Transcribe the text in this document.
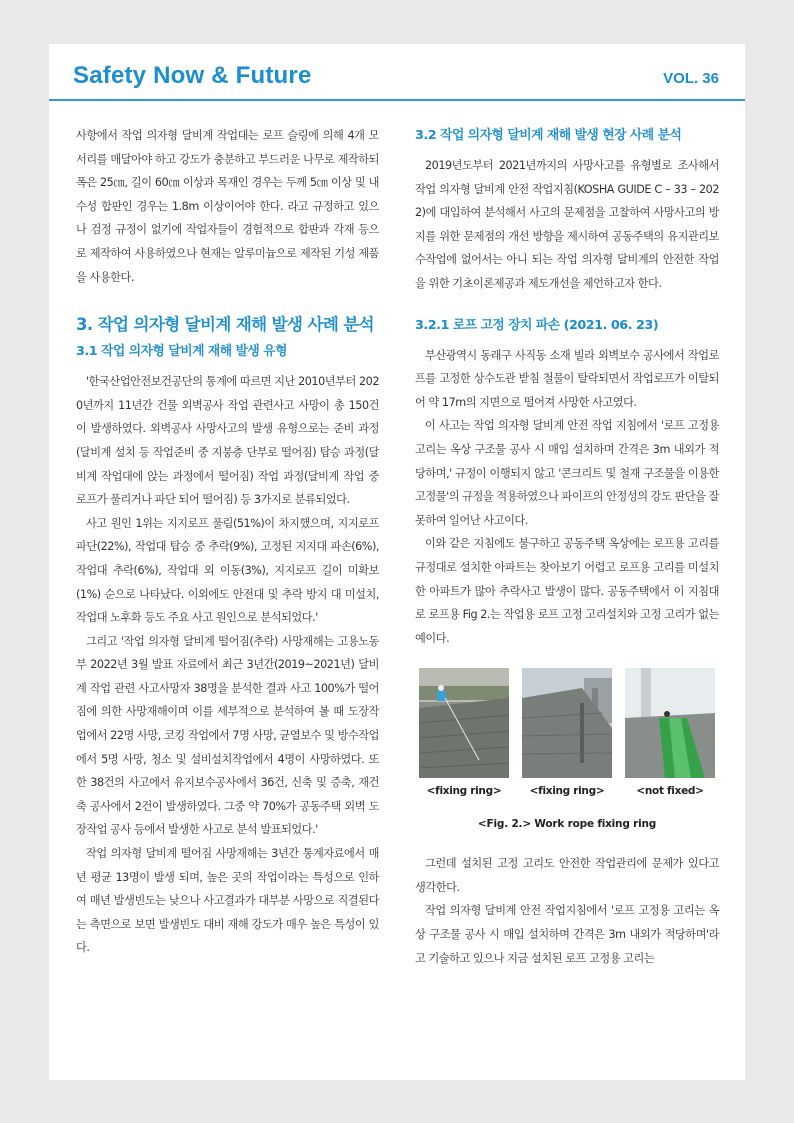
Safety Now & Future	VOL. 36

사항에서 작업 의자형 달비계 작업대는 로프 슬링에 의해 4개 모서리를 매달아야 하고 강도가 충분하고 부드러운 나무로 제작하되 폭은 25㎝, 길이 60㎝ 이상과 목재인 경우는 두께 5㎝ 이상 및 내수성 합판인 경우는 1.8m 이상이어야 한다. 라고 규정하고 있으나 검정 규정이 없기에 작업자들이 경험적으로 합판과 각재 등으로 제작하여 사용하였으나 현재는 알루미늄으로 제작된 기성 제품을 사용한다.

3. 작업 의자형 달비계 재해 발생 사례 분석
3.1 작업 의자형 달비계 재해 발생 유형

'한국산업안전보건공단의 통계에 따르면 지난 2010년부터 2020년까지 11년간 건물 외벽공사 작업 관련사고 사망이 총 150건이 발생하였다. 외벽공사 사망사고의 발생 유형으로는 준비 과정(달비계 설치 등 작업준비 중 지붕층 단부로 떨어짐) 탑승 과정(달비계 작업대에 앉는 과정에서 떨어짐) 작업 과정(달비계 작업 중 로프가 풀리거나 파단 되어 떨어짐) 등 3가지로 분류되었다.

사고 원인 1위는 지지로프 풀림(51%)이 차지했으며, 지지로프 파단(22%), 작업대 탑승 중 추락(9%), 고정된 지지대 파손(6%), 작업대 추락(6%), 작업대 외 이동(3%), 지지로프 길이 미확보(1%) 순으로 나타났다. 이외에도 안전대 및 추락 방지 대 미설치, 작업대 노후화 등도 주요 사고 원인으로 분석되었다.'

그리고 '작업 의자형 달비계 떨어짐(추락) 사망재해는 고용노동부 2022년 3월 발표 자료에서 최근 3년간(2019~2021년) 달비계 작업 관련 사고사망자 38명을 분석한 결과 사고 100%가 떨어짐에 의한 사망재해이며 이를 세부적으로 분석하여 볼 때 도장작업에서 22명 사망, 코킹 작업에서 7명 사망, 균열보수 및 방수작업에서 5명 사망, 청소 및 설비설치작업에서 4명이 사망하였다. 또한 38건의 사고에서 유지보수공사에서 36건, 신축 및 증축, 재건축 공사에서 2건이 발생하였다. 그중 약 70%가 공동주택 외벽 도장작업 공사 등에서 발생한 사고로 분석 발표되었다.'

작업 의자형 달비계 떨어짐 사망재해는 3년간 통계자료에서 매년 평균 13명이 발생 되며, 높은 곳의 작업이라는 특성으로 인하여 매년 발생빈도는 낮으나 사고결과가 대부분 사망으로 직결된다는 측면으로 보면 발생빈도 대비 재해 강도가 매우 높은 특성이 있다.

3.2 작업 의자형 달비계 재해 발생 현장 사례 분석

2019년도부터 2021년까지의 사망사고를 유형별로 조사해서 작업 의자형 달비계 안전 작업지침(KOSHA GUIDE C – 33 – 2022)에 대입하여 분석해서 사고의 문제점을 고찰하여 사망사고의 방지를 위한 문제점의 개선 방향을 제시하여 공동주택의 유지관리보수작업에 없어서는 아니 되는 작업 의자형 달비계의 안전한 작업을 위한 기초이론제공과 제도개선을 제언하고자 한다.

3.2.1 로프 고정 장치 파손 (2021. 06. 23)

부산광역시 동래구 사직동 소재 빌라 외벽보수 공사에서 작업로프를 고정한 상수도관 받침 철물이 탈락되면서 작업로프가 이탈되어 약 17m의 지면으로 떨어져 사망한 사고였다.

이 사고는 작업 의자형 달비계 안전 작업 지침에서 '로프 고정용 고리는 옥상 구조물 공사 시 매입 설치하며 간격은 3m 내외가 적당하며,' 규정이 이행되지 않고 '콘크리트 및 철재 구조물을 이용한 고정물'의 규정을 적용하였으나 파이프의 안정성의 강도 판단을 잘못하여 일어난 사고이다.

이와 같은 지침에도 불구하고 공동주택 옥상에는 로프용 고리를 규정대로 설치한 아파트는 찾아보기 어렵고 로프용 고리를 미설치한 아파트가 많아 추락사고 발생이 많다. 공동주택에서 이 지침대로 로프용 Fig 2.는 작업용 로프 고정 고리설치와 고정 고리가 없는 예이다.

<fixing ring>	<fixing ring>	<not fixed>
<Fig. 2.> Work rope fixing ring

그런데 설치된 고정 고리도 안전한 작업관리에 문제가 있다고 생각한다.

작업 의자형 달비계 안전 작업지침에서 '로프 고정용 고리는 옥상 구조물 공사 시 매입 설치하며 간격은 3m 내외가 적당하며'라고 기술하고 있으나 지금 설치된 로프 고정용 고리는
